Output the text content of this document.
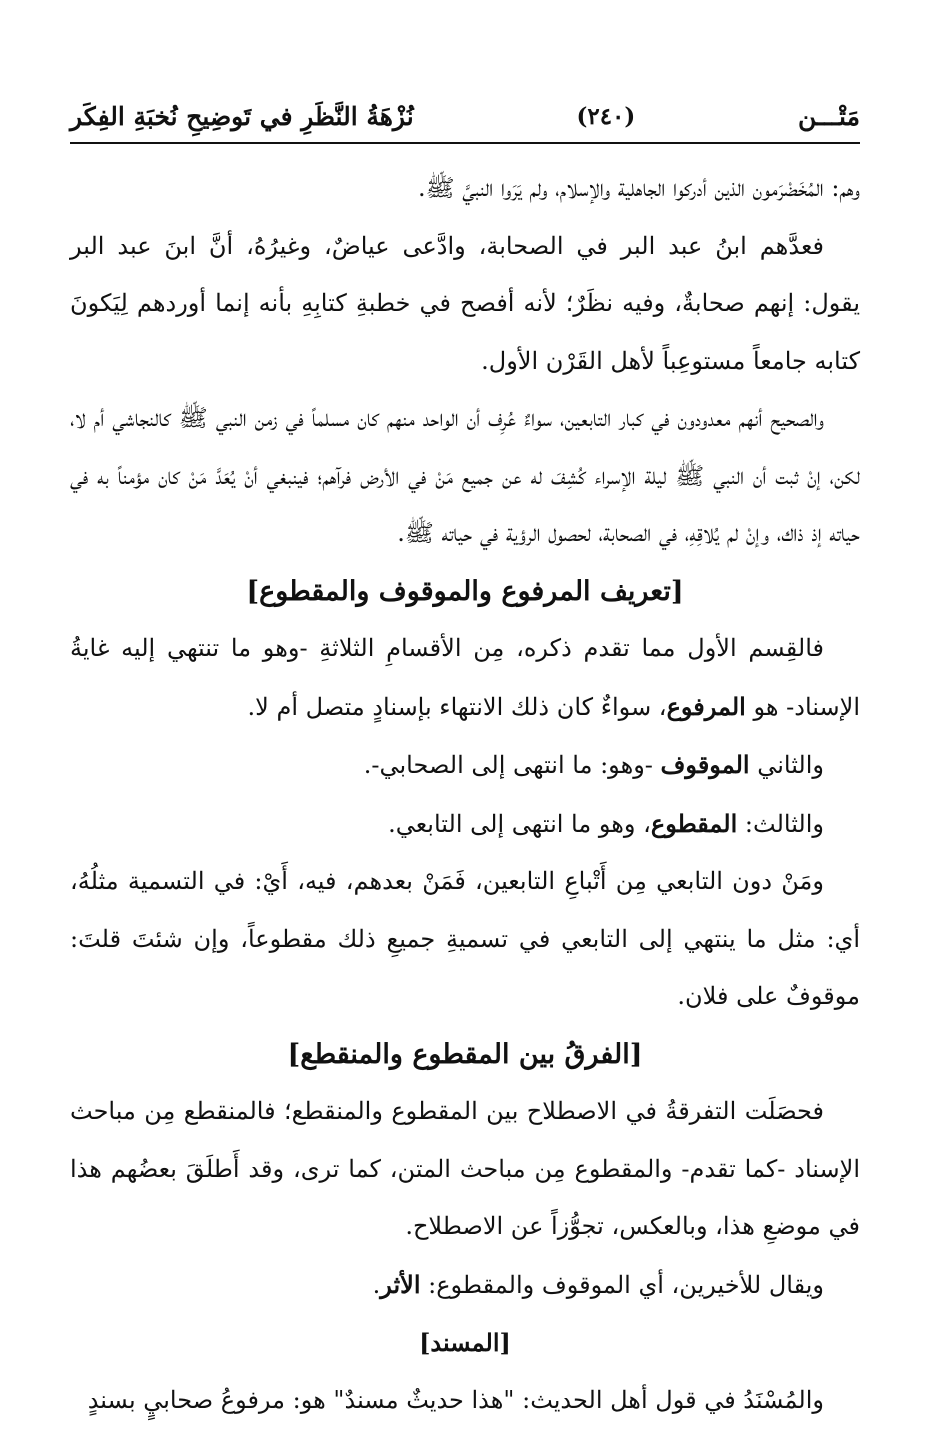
مَتْـــن
(٢٤٠)
نُزْهَةُ النَّظَرِ في تَوضِيحِ نُخبَةِ الفِكَر

وهم: المُخَضْرَمون الذين أدركوا الجاهلية والإسلام، ولم يَرَوا النبيَّ ﷺ.

فعدَّهم ابنُ عبد البر في الصحابة، وادَّعى عياضٌ، وغيرُهُ، أنَّ ابنَ عبد البر يقول: إنهم صحابةٌ، وفيه نظَرٌ؛ لأنه أفصح في خطبةِ كتابِهِ بأنه إنما أوردهم لِيَكونَ كتابه جامعاً مستوعِباً لأهل القَرْن الأول.

والصحيح أنهم معدودون في كبار التابعين، سواءٌ عُرِف أن الواحد منهم كان مسلماً في زمن النبي ﷺ كالنجاشي أم لا، لكن، إنْ ثبت أن النبي ﷺ ليلة الإسراء كُشِفَ له عن جميع مَنْ في الأرض فرآهم؛ فينبغي أنْ يُعَدَّ مَنْ كان مؤمناً به في حياته إذ ذاك، وإنْ لم يُلاقِهِ، في الصحابة، لحصول الرؤية في حياته ﷺ.

[تعريف المرفوع والموقوف والمقطوع]

فالقِسم الأول مما تقدم ذكره، مِن الأقسامِ الثلاثةِ -وهو ما تنتهي إليه غايةُ الإسناد- هو المرفوع، سواءٌ كان ذلك الانتهاء بإسنادٍ متصل أم لا.

والثاني الموقوف -وهو: ما انتهى إلى الصحابي-.

والثالث: المقطوع، وهو ما انتهى إلى التابعي.

ومَنْ دون التابعي مِن أَتْباعِ التابعين، فَمَنْ بعدهم، فيه، أَيْ: في التسمية مثلُهُ، أي: مثل ما ينتهي إلى التابعي في تسميةِ جميعِ ذلك مقطوعاً، وإن شئتَ قلتَ: موقوفٌ على فلان.

[الفرقُ بين المقطوع والمنقطع]

فحصَلَت التفرقةُ في الاصطلاح بين المقطوع والمنقطع؛ فالمنقطع مِن مباحث الإسناد -كما تقدم- والمقطوع مِن مباحث المتن، كما ترى، وقد أَطلَقَ بعضُهم هذا في موضعِ هذا، وبالعكس، تجوُّزاً عن الاصطلاح.

ويقال للأخيرين، أي الموقوف والمقطوع: الأثر.

[المسند]

والمُسْنَدُ في قول أهل الحديث: "هذا حديثٌ مسندٌ" هو: مرفوعُ صحابيٍ بسندٍ
